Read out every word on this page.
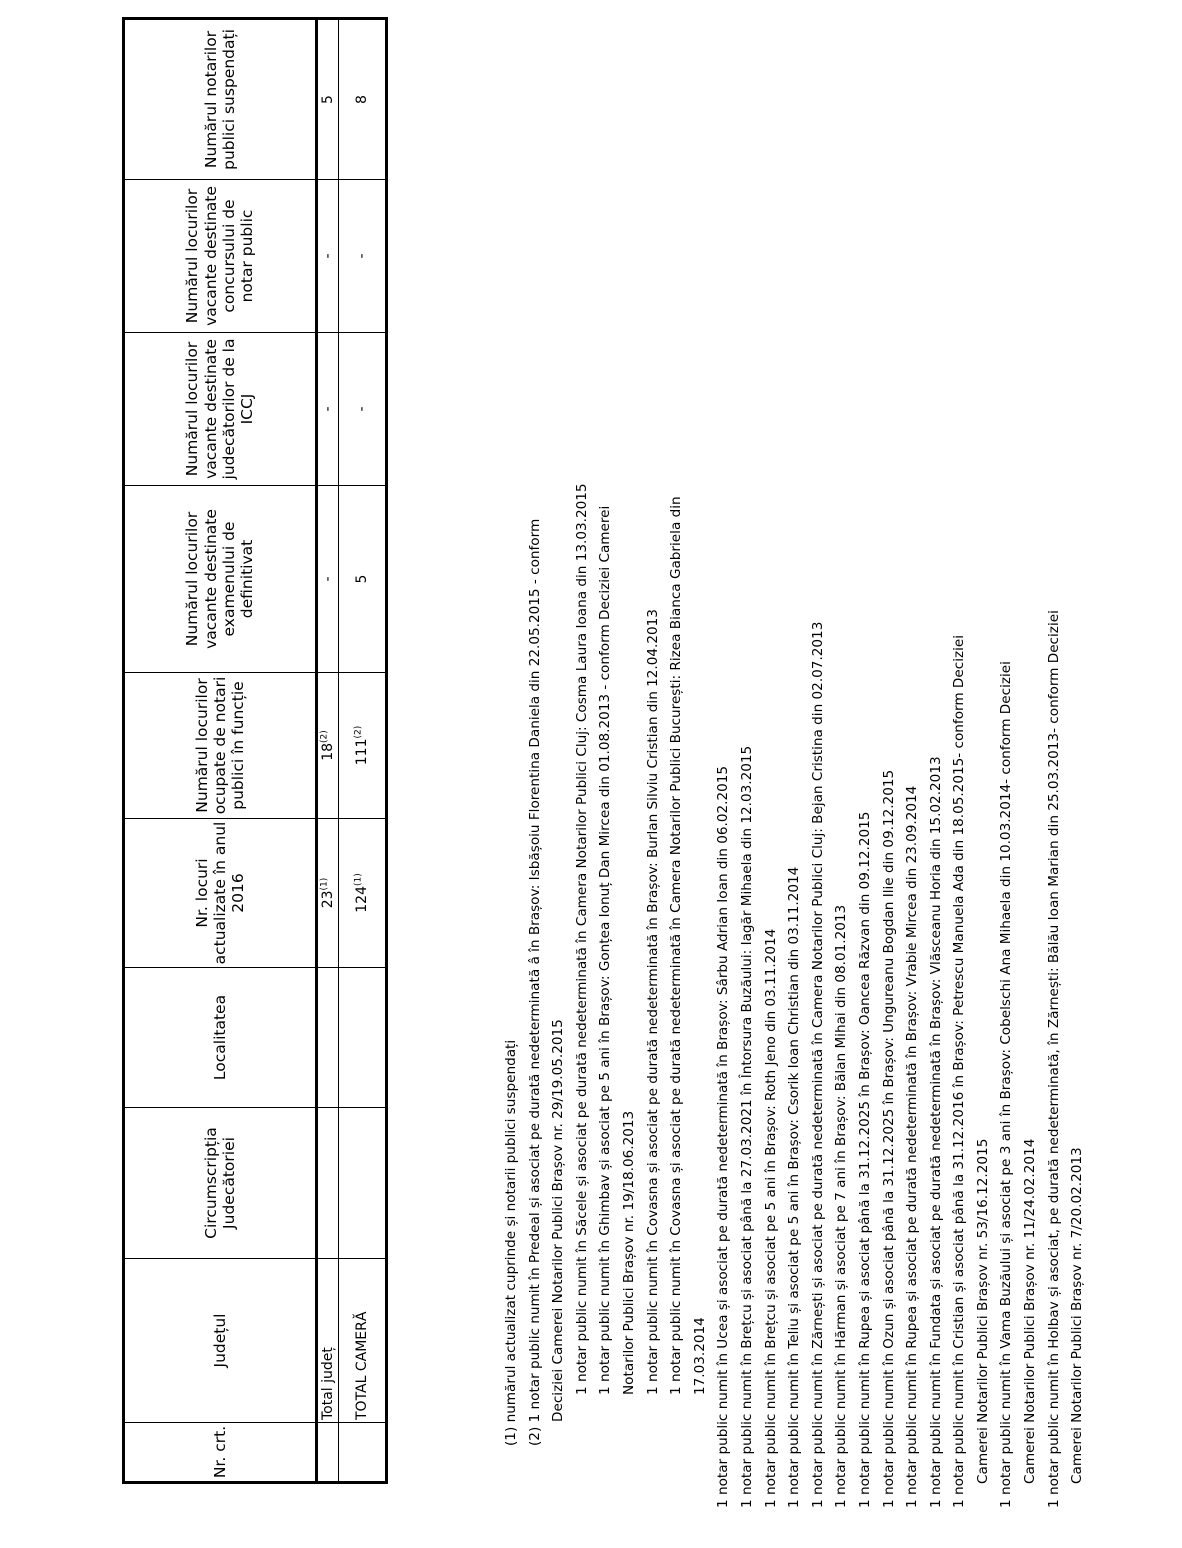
Nr. crt.	Județul	Circumscripția Judecătoriei	Localitatea	Nr. locuri actualizate în anul 2016	Numărul locurilor ocupate de notari publici în funcție	Numărul locurilor vacante destinate examenului de definitivat	Numărul locurilor vacante destinate judecătorilor de la ICCJ	Numărul locurilor vacante destinate concursului de notar public	Numărul notarilor publici suspendați
	Total județ			23$^{(1)}$	18$^{(2)}$	-	-	-	5
	TOTAL CAMERĂ			124$^{(1)}$	111$^{(2)}$	5	-	-	8
(1) numărul actualizat cuprinde și notarii publici suspendați (2) 1 notar public numit în Predeal și asociat pe durată nedeterminată â în Brașov: Isbășoiu Florentina Daniela din 22.05.2015 - conform Deciziei Camerei Notarilor Publici Brașov nr. 29/19.05.2015 1 notar public numit în Săcele și asociat pe durată nedeterminată în Camera Notarilor Publici Cluj: Cosma Laura Ioana din 13.03.2015 1 notar public numit în Ghimbav și asociat pe 5 ani în Brașov: Gonțea Ionuț Dan Mircea din 01.08.2013 - conform Deciziei Camerei Notarilor Publici Brașov nr. 19/18.06.2013 1 notar public numit în Covasna și asociat pe durată nedeterminată în Brașov: Burlan Silviu Cristian din 12.04.2013 1 notar public numit în Covasna și asociat pe durată nedeterminată în Camera Notarilor Publici București: Rizea Bianca Gabriela din 17.03.2014 1 notar public numit în Ucea și asociat pe durată nedeterminată în Brașov: Sârbu Adrian Ioan din 06.02.2015 1 notar public numit în Brețcu și asociat până la 27.03.2021 în Întorsura Buzăului: Iagăr Mihaela din 12.03.2015 1 notar public numit în Brețcu și asociat pe 5 ani în Brașov: Roth Jeno din 03.11.2014 1 notar public numit în Teliu și asociat pe 5 ani în Brașov: Csorik Ioan Christian din 03.11.2014 1 notar public numit în Zărnești și asociat pe durată nedeterminată în Camera Notarilor Publici Cluj: Bejan Cristina din 02.07.2013 1 notar public numit în Hărman și asociat pe 7 ani în Brașov: Bălan Mihai din 08.01.2013 1 notar public numit în Rupea și asociat până la 31.12.2025 în Brașov: Oancea Răzvan din 09.12.2015 1 notar public numit în Ozun și asociat până la 31.12.2025 în Brașov: Ungureanu Bogdan Ilie din 09.12.2015 1 notar public numit în Rupea și asociat pe durată nedeterminată în Brașov: Vrabie Mircea din 23.09.2014 1 notar public numit în Fundata și asociat pe durată nedeterminată în Brașov: Vlăsceanu Horia din 15.02.2013 1 notar public numit în Cristian și asociat până la 31.12.2016 în Brașov: Petrescu Manuela Ada din 18.05.2015- conform Deciziei Camerei Notarilor Publici Brașov nr. 53/16.12.2015 1 notar public numit în Vama Buzăului și asociat pe 3 ani în Brașov: Cobelschi Ana Mihaela din 10.03.2014- conform Deciziei Camerei Notarilor Publici Brașov nr. 11/24.02.2014 1 notar public numit în Holbav și asociat, pe durată nedeterminată, în Zărnești: Bălău Ioan Marian din 25.03.2013- conform Deciziei Camerei Notarilor Publici Brașov nr. 7/20.02.2013
